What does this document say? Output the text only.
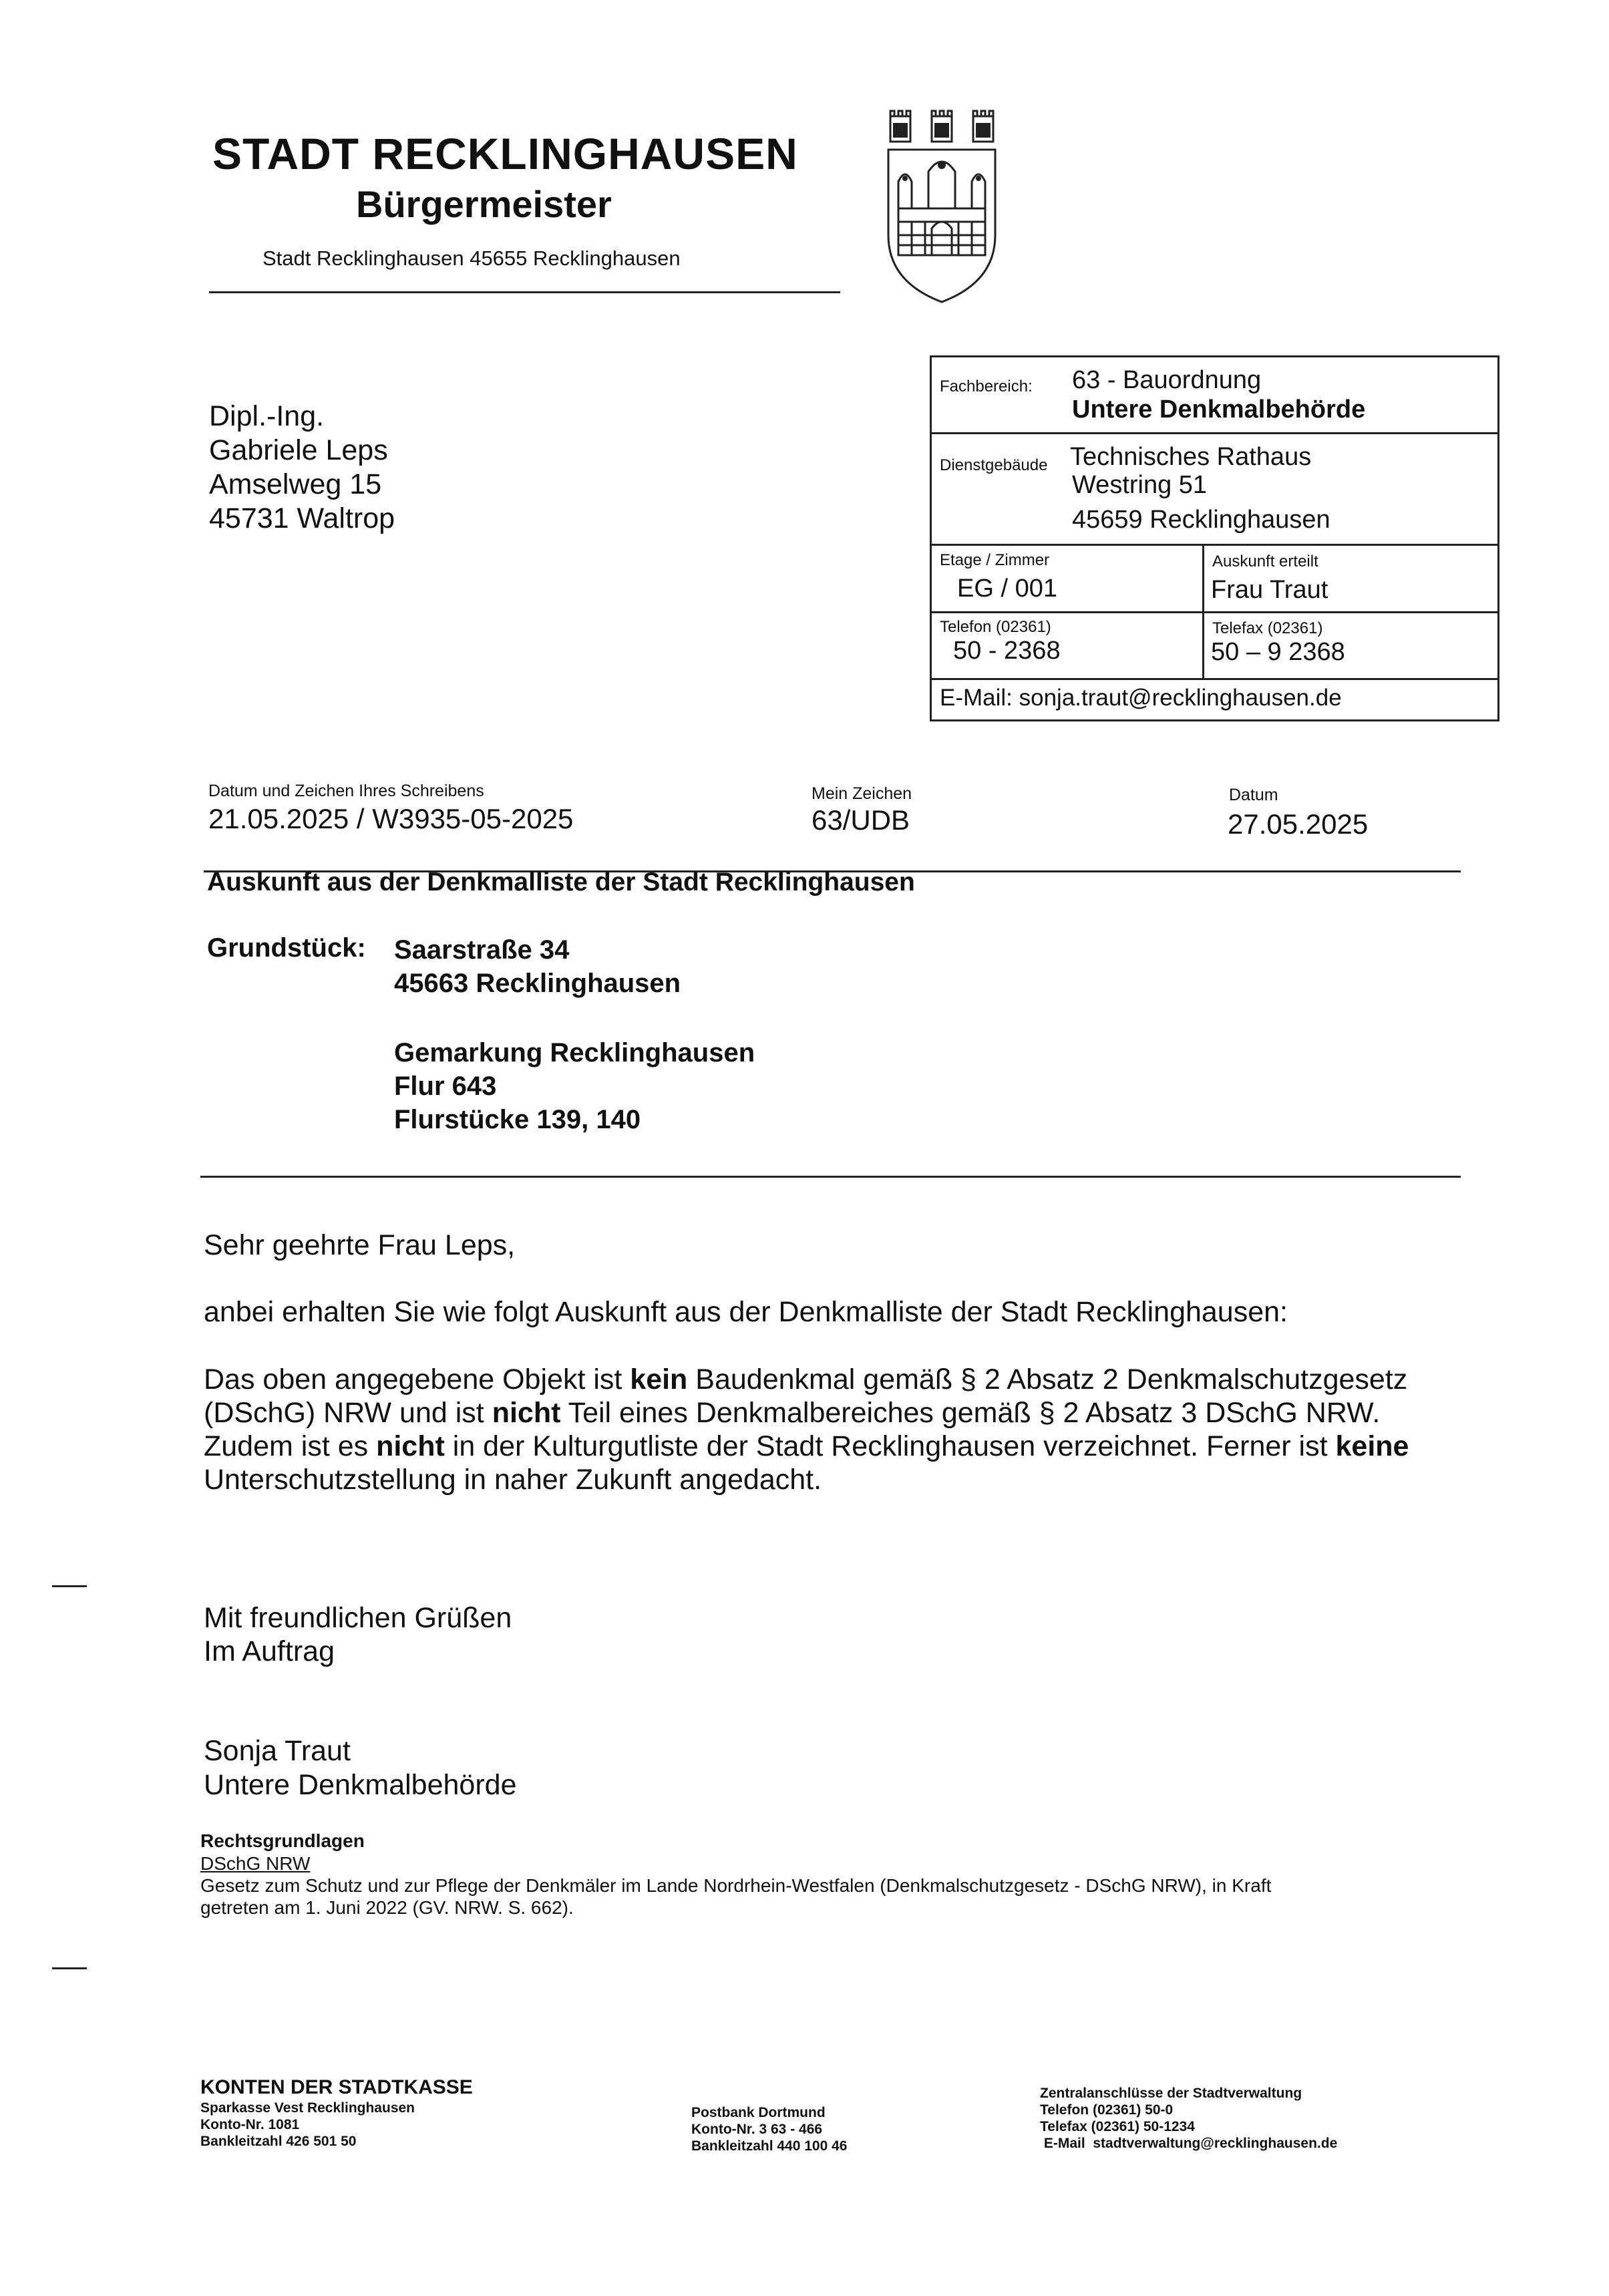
STADT RECKLINGHAUSEN
Bürgermeister
Stadt Recklinghausen 45655 Recklinghausen
Dipl.-Ing.
Gabriele Leps
Amselweg 15
45731 Waltrop
Fachbereich: 63 - Bauordnung
Untere Denkmalbehörde
Dienstgebäude Technisches Rathaus
Westring 51
45659 Recklinghausen
Etage / Zimmer
EG / 001
Auskunft erteilt
Frau Traut
Telefon (02361)
50 - 2368
Telefax (02361)
50 – 9 2368
E-Mail: sonja.traut@recklinghausen.de
Datum und Zeichen Ihres Schreibens
21.05.2025 / W3935-05-2025
Mein Zeichen
63/UDB
Datum
27.05.2025
Auskunft aus der Denkmalliste der Stadt Recklinghausen
Grundstück: Saarstraße 34
45663 Recklinghausen
Gemarkung Recklinghausen
Flur 643
Flurstücke 139, 140
Sehr geehrte Frau Leps,
anbei erhalten Sie wie folgt Auskunft aus der Denkmalliste der Stadt Recklinghausen:
Das oben angegebene Objekt ist kein Baudenkmal gemäß § 2 Absatz 2 Denkmalschutzgesetz
(DSchG) NRW und ist nicht Teil eines Denkmalbereiches gemäß § 2 Absatz 3 DSchG NRW.
Zudem ist es nicht in der Kulturgutliste der Stadt Recklinghausen verzeichnet. Ferner ist keine
Unterschutzstellung in naher Zukunft angedacht.
Mit freundlichen Grüßen
Im Auftrag
Sonja Traut
Untere Denkmalbehörde
Rechtsgrundlagen
DSchG NRW
Gesetz zum Schutz und zur Pflege der Denkmäler im Lande Nordrhein-Westfalen (Denkmalschutzgesetz - DSchG NRW), in Kraft
getreten am 1. Juni 2022 (GV. NRW. S. 662).
KONTEN DER STADTKASSE
Sparkasse Vest Recklinghausen
Konto-Nr. 1081
Bankleitzahl 426 501 50
Postbank Dortmund
Konto-Nr. 3 63 - 466
Bankleitzahl 440 100 46
Zentralanschlüsse der Stadtverwaltung
Telefon (02361) 50-0
Telefax (02361) 50-1234
E-Mail  stadtverwaltung@recklinghausen.de
